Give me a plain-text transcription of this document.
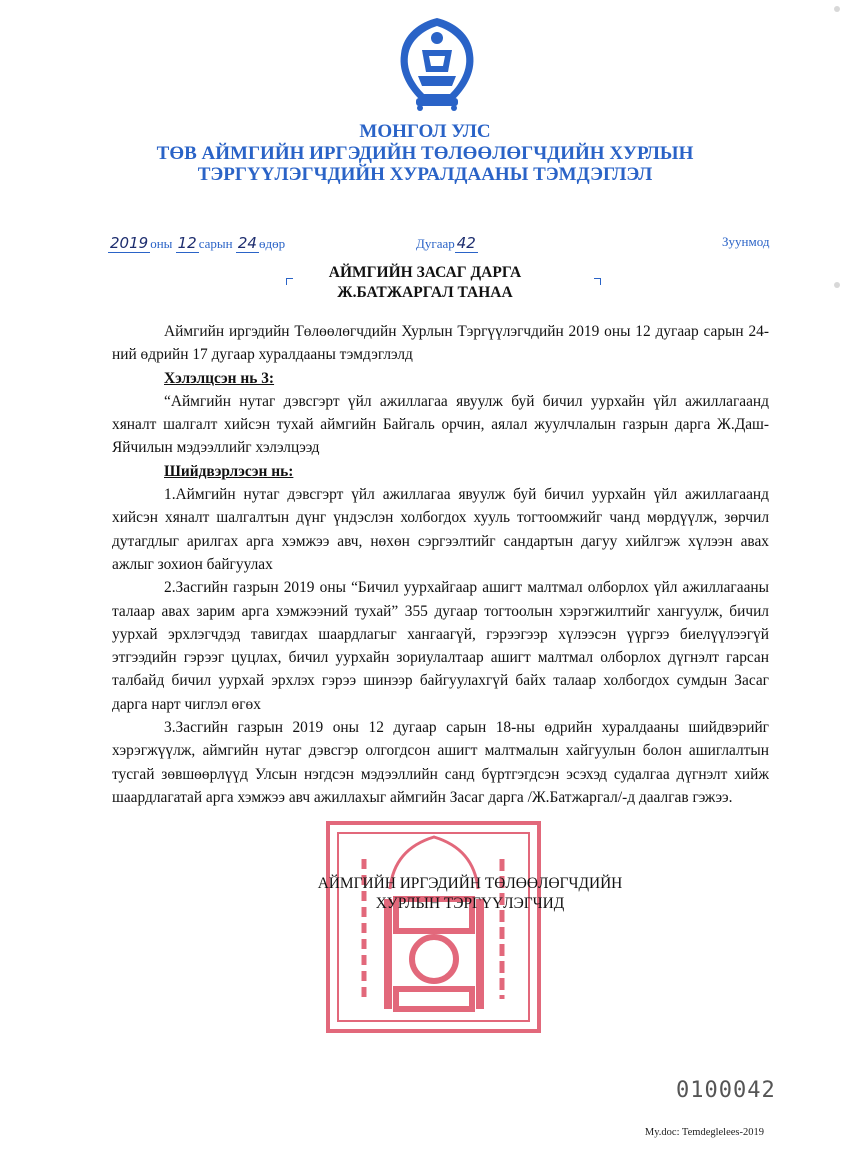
МОНГОЛ УЛС
ТӨВ АЙМГИЙН ИРГЭДИЙН ТӨЛӨӨЛӨГЧДИЙН ХУРЛЫН
ТЭРГҮҮЛЭГЧДИЙН ХУРАЛДААНЫ ТЭМДЭГЛЭЛ
2019 оны 12 сарын 24 өдөр	Дугаар 42	Зуунмод
АЙМГИЙН ЗАСАГ ДАРГА
Ж.БАТЖАРГАЛ ТАНАА

Аймгийн иргэдийн Төлөөлөгчдийн Хурлын Тэргүүлэгчдийн 2019 оны 12 дугаар сарын 24-ний өдрийн 17 дугаар хуралдааны тэмдэглэлд

Хэлэлцсэн нь 3:

“Аймгийн нутаг дэвсгэрт үйл ажиллагаа явуулж буй бичил уурхайн үйл ажиллагаанд хяналт шалгалт хийсэн тухай аймгийн Байгаль орчин, аялал жуулчлалын газрын дарга Ж.Даш-Яйчилын мэдээллийг хэлэлцээд

Шийдвэрлэсэн нь:

1.Аймгийн нутаг дэвсгэрт үйл ажиллагаа явуулж буй бичил уурхайн үйл ажиллагаанд хийсэн хяналт шалгалтын дүнг үндэслэн холбогдох хууль тогтоомжийг чанд мөрдүүлж, зөрчил дутагдлыг арилгах арга хэмжээ авч, нөхөн сэргээлтийг сандартын дагуу хийлгэж хүлээн авах ажлыг зохион байгуулах

2.Засгийн газрын 2019 оны “Бичил уурхайгаар ашигт малтмал олборлох үйл ажиллагааны талаар авах зарим арга хэмжээний тухай” 355 дугаар тогтоолын хэрэгжилтийг хангуулж, бичил уурхай эрхлэгчдэд тавигдах шаардлагыг хангаагүй, гэрээгээр хүлээсэн үүргээ биелүүлээгүй этгээдийн гэрээг цуцлах, бичил уурхайн зориулалтаар ашигт малтмал олборлох дүгнэлт гарсан талбайд бичил уурхай эрхлэх гэрээ шинээр байгуулахгүй байх талаар холбогдох сумдын Засаг дарга нарт чиглэл өгөх

3.Засгийн газрын 2019 оны 12 дугаар сарын 18-ны өдрийн хуралдааны шийдвэрийг хэрэгжүүлж, аймгийн нутаг дэвсгэр олгогдсон ашигт малтмалын хайгуулын болон ашиглалтын тусгай зөвшөөрлүүд Улсын нэгдсэн мэдээллийн санд бүртгэгдсэн эсэхэд судалгаа дүгнэлт хийж шаардлагатай арга хэмжээ авч ажиллахыг аймгийн Засаг дарга /Ж.Батжаргал/-д даалгав гэжээ.

АЙМГИЙН ИРГЭДИЙН ТӨЛӨӨЛӨГЧДИЙН
ХУРЛЫН ТЭРГҮҮЛЭГЧИД
0100042
My.doc: Temdeglelees-2019
